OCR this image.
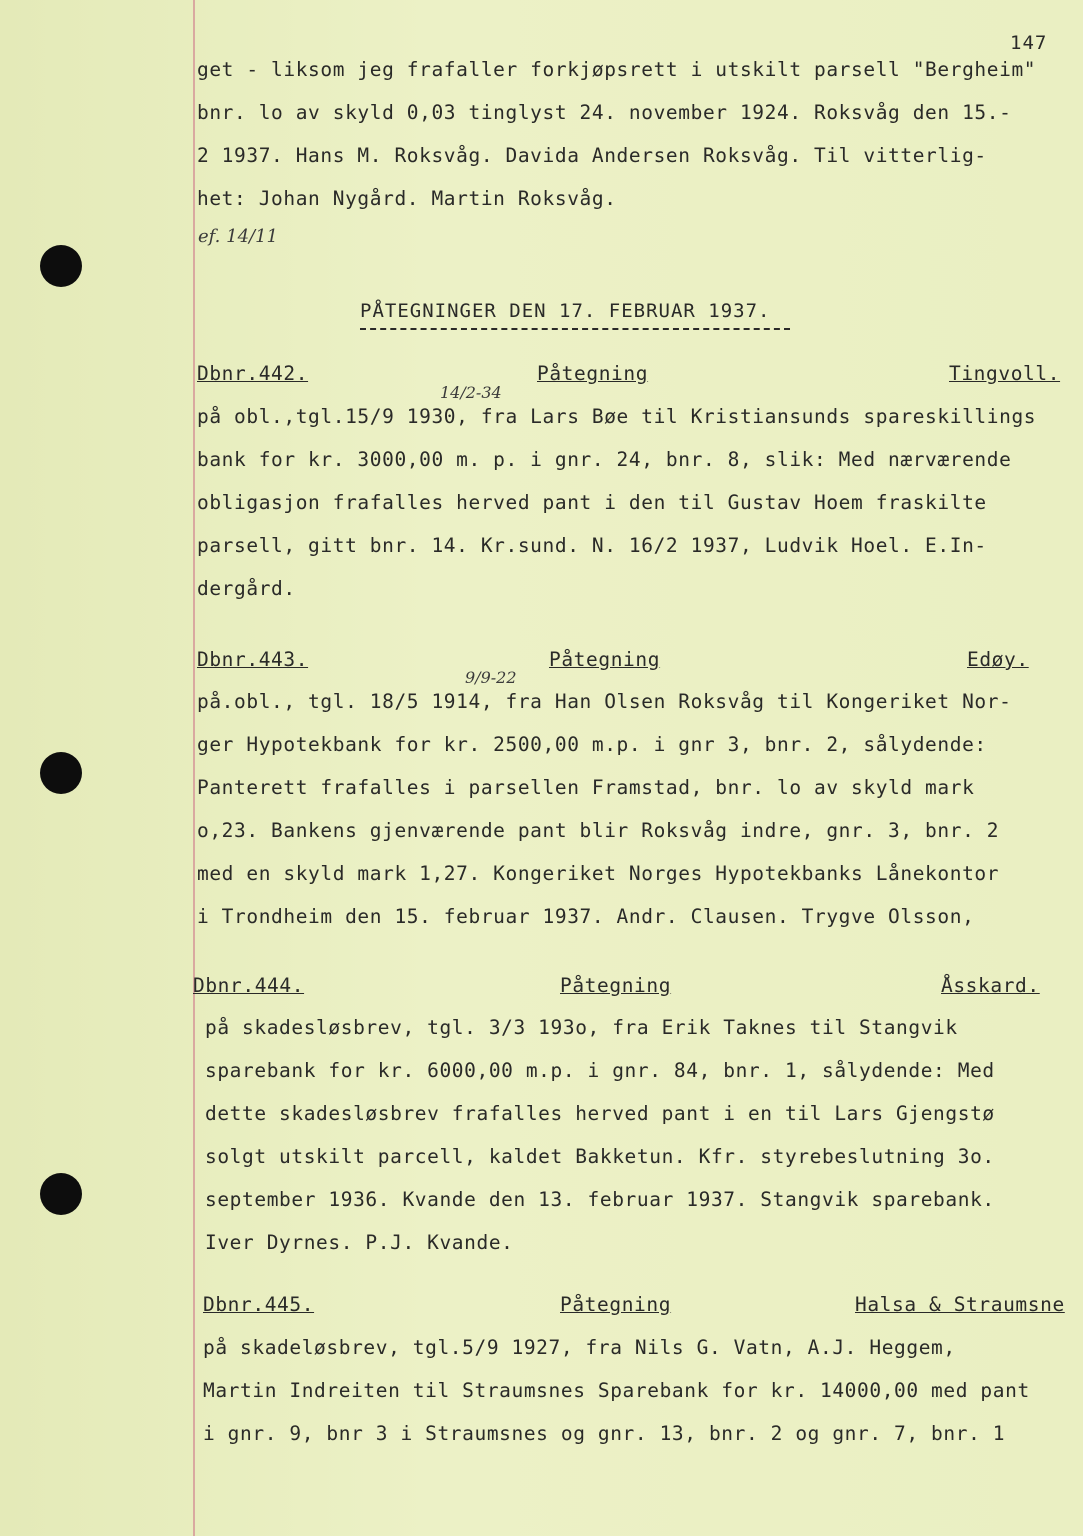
147
get - liksom jeg frafaller forkjøpsrett i utskilt parsell "Bergheim"
bnr. lo av skyld 0,03 tinglyst 24. november 1924. Roksvåg den 15.-
2 1937. Hans M. Roksvåg. Davida Andersen Roksvåg. Til vitterlig-
het: Johan Nygård. Martin Roksvåg.
ef. 14/11
PÅTEGNINGER DEN 17. FEBRUAR 1937.
Dbnr.442.	Påtegning	Tingvoll.
14/2-34
på obl.,tgl.15/9 1930, fra Lars Bøe til Kristiansunds spareskillings
bank for kr. 3000,00 m. p. i gnr. 24, bnr. 8, slik: Med nærværende
obligasjon frafalles herved pant i den til Gustav Hoem fraskilte
parsell, gitt bnr. 14. Kr.sund. N. 16/2 1937, Ludvik Hoel. E.In-
dergård.
Dbnr.443.	Påtegning	Edøy.
9/9-22
på.obl., tgl. 18/5 1914, fra Han Olsen Roksvåg til Kongeriket Nor-
ger Hypotekbank for kr. 2500,00 m.p. i gnr 3, bnr. 2, sålydende:
Panterett frafalles i parsellen Framstad, bnr. lo av skyld mark
o,23. Bankens gjenværende pant blir Roksvåg indre, gnr. 3, bnr. 2
med en skyld mark 1,27. Kongeriket Norges Hypotekbanks Lånekontor
i Trondheim den 15. februar 1937. Andr. Clausen. Trygve Olsson,
Dbnr.444.	Påtegning	Åsskard.
på skadesløsbrev, tgl. 3/3 193o, fra Erik Taknes til Stangvik
sparebank for kr. 6000,00 m.p. i gnr. 84, bnr. 1, sålydende: Med
dette skadesløsbrev frafalles herved pant i en til Lars Gjengstø
solgt utskilt parcell, kaldet Bakketun. Kfr. styrebeslutning 3o.
september 1936. Kvande den 13. februar 1937. Stangvik sparebank.
Iver Dyrnes. P.J. Kvande.
Dbnr.445.	Påtegning	Halsa & Straumsne
på skadeløsbrev, tgl.5/9 1927, fra Nils G. Vatn, A.J. Heggem,
Martin Indreiten til Straumsnes Sparebank for kr. 14000,00 med pant
i gnr. 9, bnr 3 i Straumsnes og gnr. 13, bnr. 2 og gnr. 7, bnr. 1
